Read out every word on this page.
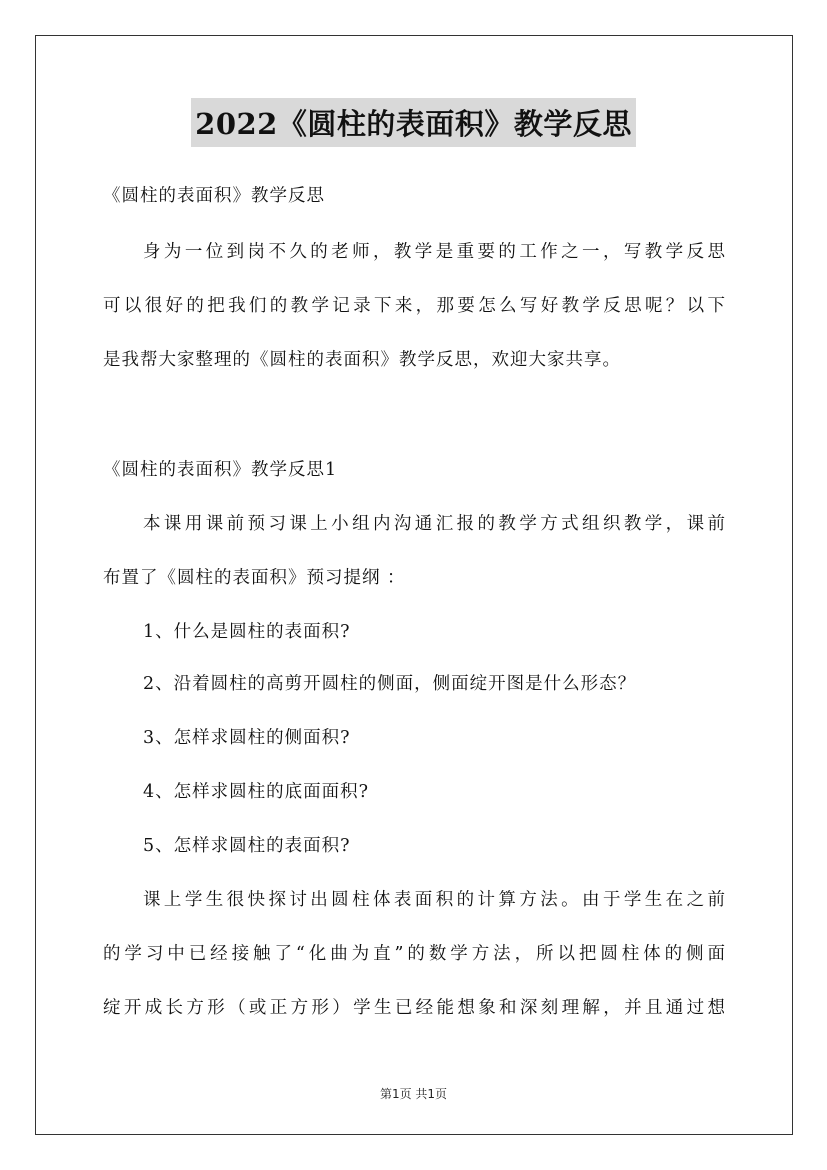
2022《圆柱的表面积》教学反思
《圆柱的表面积》教学反思
身为一位到岗不久的老师，教学是重要的工作之一，写教学反思
可以很好的把我们的教学记录下来，那要怎么写好教学反思呢？以下
是我帮大家整理的《圆柱的表面积》教学反思，欢迎大家共享。
《圆柱的表面积》教学反思1
本课用课前预习课上小组内沟通汇报的教学方式组织教学，课前
布置了《圆柱的表面积》预习提纲 ：
1、什么是圆柱的表面积?
2、沿着圆柱的高剪开圆柱的侧面，侧面绽开图是什么形态？
3、怎样求圆柱的侧面积?
4、怎样求圆柱的底面面积?
5、怎样求圆柱的表面积?
课上学生很快探讨出圆柱体表面积的计算方法。由于学生在之前
的学习中已经接触了“化曲为直”的数学方法，所以把圆柱体的侧面
绽开成长方形（或正方形）学生已经能想象和深刻理解，并且通过想
第1页 共1页
